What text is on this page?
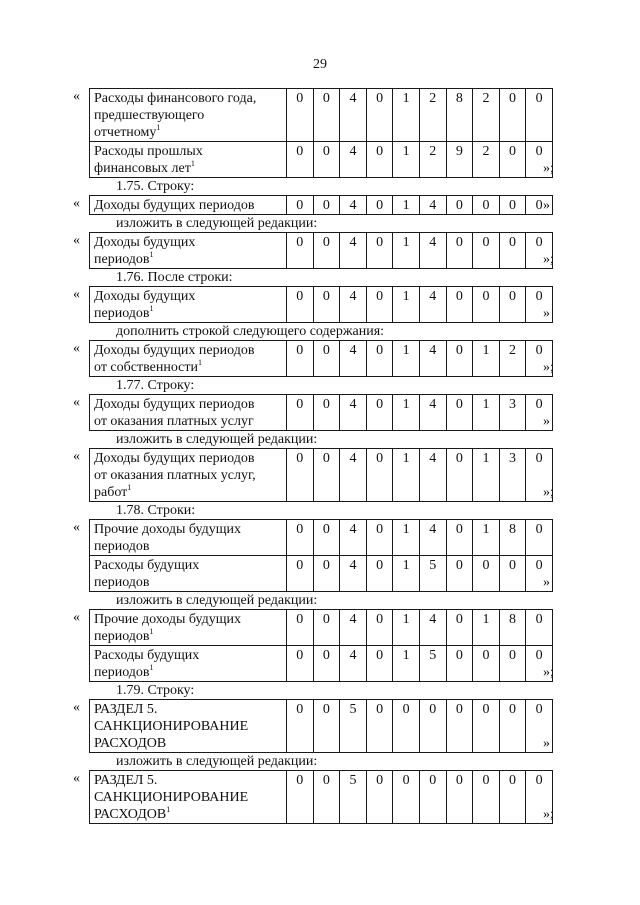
29
« Расходы финансового года,
предшествующего
отчетному$^1$	0	0	4	0	1	2	8	2	0	0
Расходы прошлых
финансовых лет$^1$	0	0	4	0	1	2	9	2	0	0
»;
1.75. Строку:
« Доходы будущих периодов	0	0	4	0	1	4	0	0	0	0 »
изложить в следующей редакции:
« Доходы будущих
периодов$^1$	0	0	4	0	1	4	0	0	0	0
»;
1.76. После строки:
« Доходы будущих
периодов$^1$	0	0	4	0	1	4	0	0	0	0
»
дополнить строкой следующего содержания:
« Доходы будущих периодов
от собственности$^1$	0	0	4	0	1	4	0	1	2	0
»;
1.77. Строку:
« Доходы будущих периодов
от оказания платных услуг	0	0	4	0	1	4	0	1	3	0
»
изложить в следующей редакции:
« Доходы будущих периодов
от оказания платных услуг,
работ$^1$	0	0	4	0	1	4	0	1	3	0
»;
1.78. Строки:
« Прочие доходы будущих
периодов	0	0	4	0	1	4	0	1	8	0
Расходы будущих
периодов	0	0	4	0	1	5	0	0	0	0
»
изложить в следующей редакции:
« Прочие доходы будущих
периодов$^1$	0	0	4	0	1	4	0	1	8	0
Расходы будущих
периодов$^1$	0	0	4	0	1	5	0	0	0	0
»;
1.79. Строку:
« РАЗДЕЛ 5.
САНКЦИОНИРОВАНИЕ
РАСХОДОВ	0	0	5	0	0	0	0	0	0	0
»
изложить в следующей редакции:
« РАЗДЕЛ 5.
САНКЦИОНИРОВАНИЕ
РАСХОДОВ$^1$	0	0	5	0	0	0	0	0	0	0
»;
